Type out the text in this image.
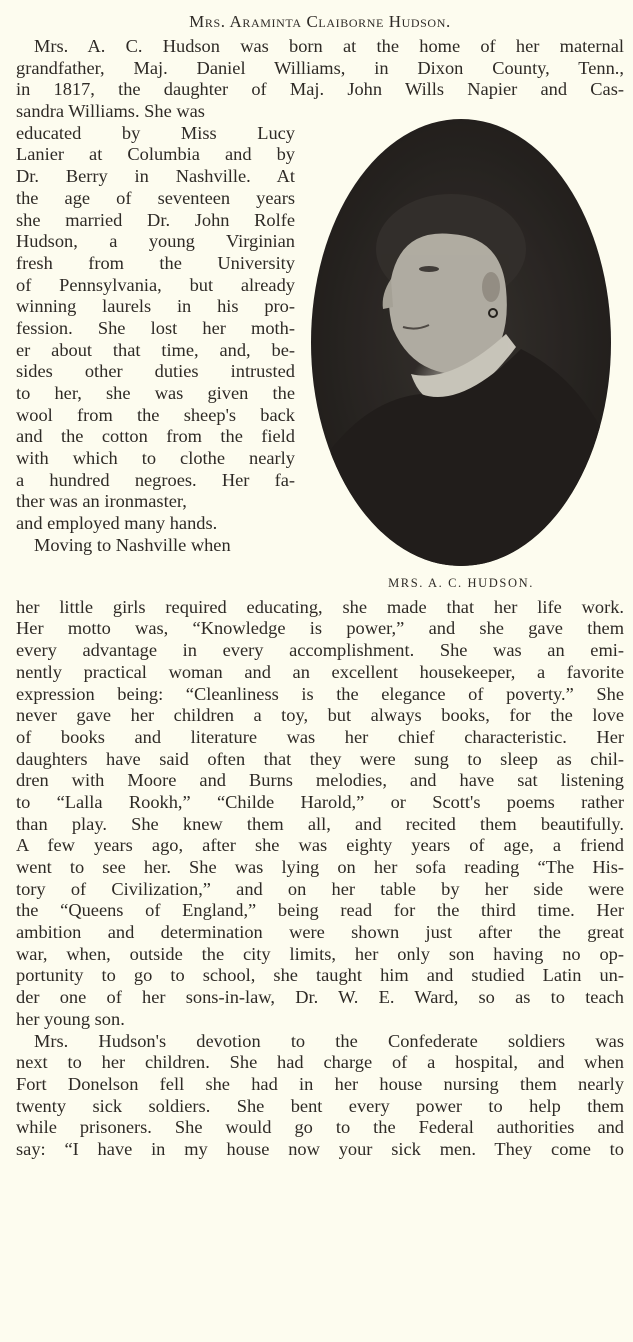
Mrs. Araminta Claiborne Hudson.
Mrs. A. C. Hudson was born at the home of her maternal
grandfather, Maj. Daniel Williams, in Dixon County, Tenn.,
in 1817, the daughter of Maj. John Wills Napier and Cas-
sandra Williams. She was
educated by Miss Lucy
Lanier at Columbia and by
Dr. Berry in Nashville. At
the age of seventeen years
she married Dr. John Rolfe
Hudson, a young Virginian
fresh from the University
of Pennsylvania, but already
winning laurels in his pro-
fession. She lost her moth-
er about that time, and, be-
sides other duties intrusted
to her, she was given the
wool from the sheep's back
and the cotton from the field
with which to clothe nearly
a hundred negroes. Her fa-
ther was an ironmaster,
and employed many hands.
Moving to Nashville when
MRS. A. C. HUDSON.
her little girls required educating, she made that her life work.
Her motto was, “Knowledge is power,” and she gave them
every advantage in every accomplishment. She was an emi-
nently practical woman and an excellent housekeeper, a favorite
expression being: “Cleanliness is the elegance of poverty.” She
never gave her children a toy, but always books, for the love
of books and literature was her chief characteristic. Her
daughters have said often that they were sung to sleep as chil-
dren with Moore and Burns melodies, and have sat listening
to “Lalla Rookh,” “Childe Harold,” or Scott's poems rather
than play. She knew them all, and recited them beautifully.
A few years ago, after she was eighty years of age, a friend
went to see her. She was lying on her sofa reading “The His-
tory of Civilization,” and on her table by her side were
the “Queens of England,” being read for the third time. Her
ambition and determination were shown just after the great
war, when, outside the city limits, her only son having no op-
portunity to go to school, she taught him and studied Latin un-
der one of her sons-in-law, Dr. W. E. Ward, so as to teach
her young son.
Mrs. Hudson's devotion to the Confederate soldiers was
next to her children. She had charge of a hospital, and when
Fort Donelson fell she had in her house nursing them nearly
twenty sick soldiers. She bent every power to help them
while prisoners. She would go to the Federal authorities and
say: “I have in my house now your sick men. They come to
